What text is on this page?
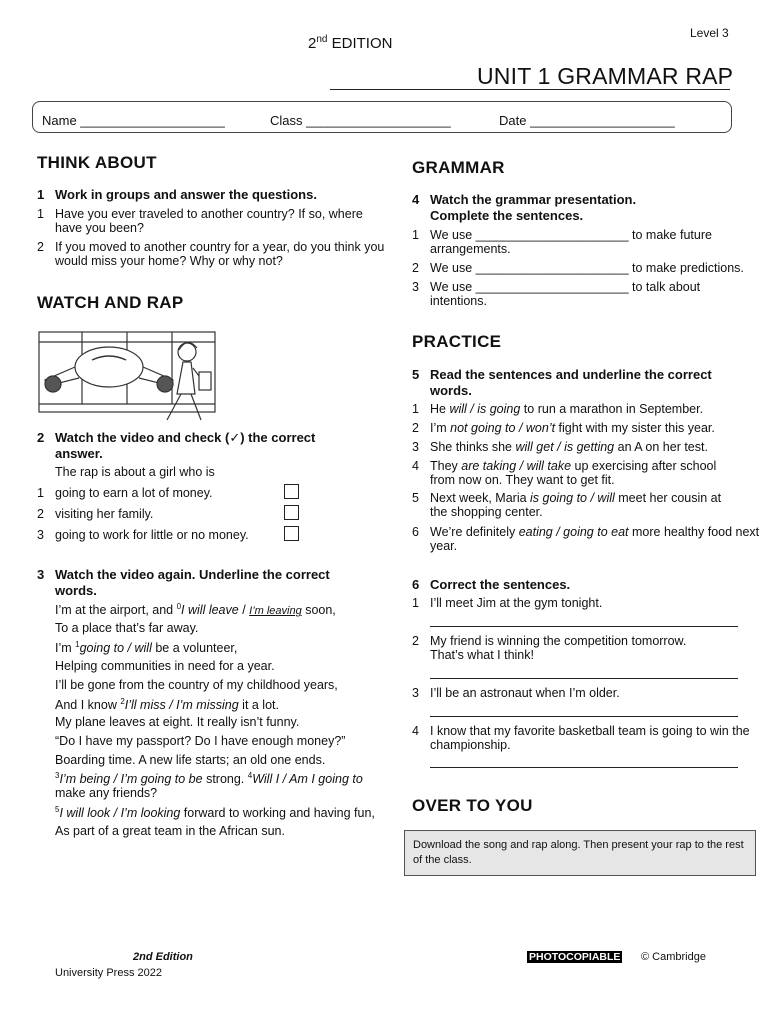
2nd EDITION
Level 3
UNIT 1 GRAMMAR RAP
Name ____________________	Class ____________________	Date ____________________
THINK ABOUT
1 Work in groups and answer the questions.
1 Have you ever traveled to another country? If so, where have you been?
2 If you moved to another country for a year, do you think you would miss your home? Why or why not?
WATCH AND RAP
2 Watch the video and check (✓) the correct answer.
The rap is about a girl who is
1 going to earn a lot of money.
2 visiting her family.
3 going to work for little or no money.
3 Watch the video again. Underline the correct words.
I’m at the airport, and $^0$I will leave / I’m leaving soon,
To a place that’s far away.
I’m $^1$going to / will be a volunteer,
Helping communities in need for a year.
I’ll be gone from the country of my childhood years,
And I know $^2$I’ll miss / I’m missing it a lot.
My plane leaves at eight. It really isn’t funny.
“Do I have my passport? Do I have enough money?”
Boarding time. A new life starts; an old one ends.
$^3$I’m being / I’m going to be strong. $^4$Will I / Am I going to
make any friends?
$^5$I will look / I’m looking forward to working and having fun,
As part of a great team in the African sun.
GRAMMAR
4 Watch the grammar presentation.
Complete the sentences.
1 We use ______________________ to make future arrangements.
2 We use ______________________ to make predictions.
3 We use ______________________ to talk about intentions.
PRACTICE
5 Read the sentences and underline the correct words.
1 He will / is going to run a marathon in September.
2 I’m not going to / won’t fight with my sister this year.
3 She thinks she will get / is getting an A on her test.
4 They are taking / will take up exercising after school from now on. They want to get fit.
5 Next week, Maria is going to / will meet her cousin at the shopping center.
6 We’re definitely eating / going to eat more healthy food next year.
6 Correct the sentences.
1 I’ll meet Jim at the gym tonight.
2 My friend is winning the competition tomorrow. That’s what I think!
3 I’ll be an astronaut when I’m older.
4 I know that my favorite basketball team is going to win the championship.
OVER TO YOU
Download the song and rap along. Then present your rap to the rest of the class.
2nd Edition
University Press 2022
PHOTOCOPIABLE © Cambridge
